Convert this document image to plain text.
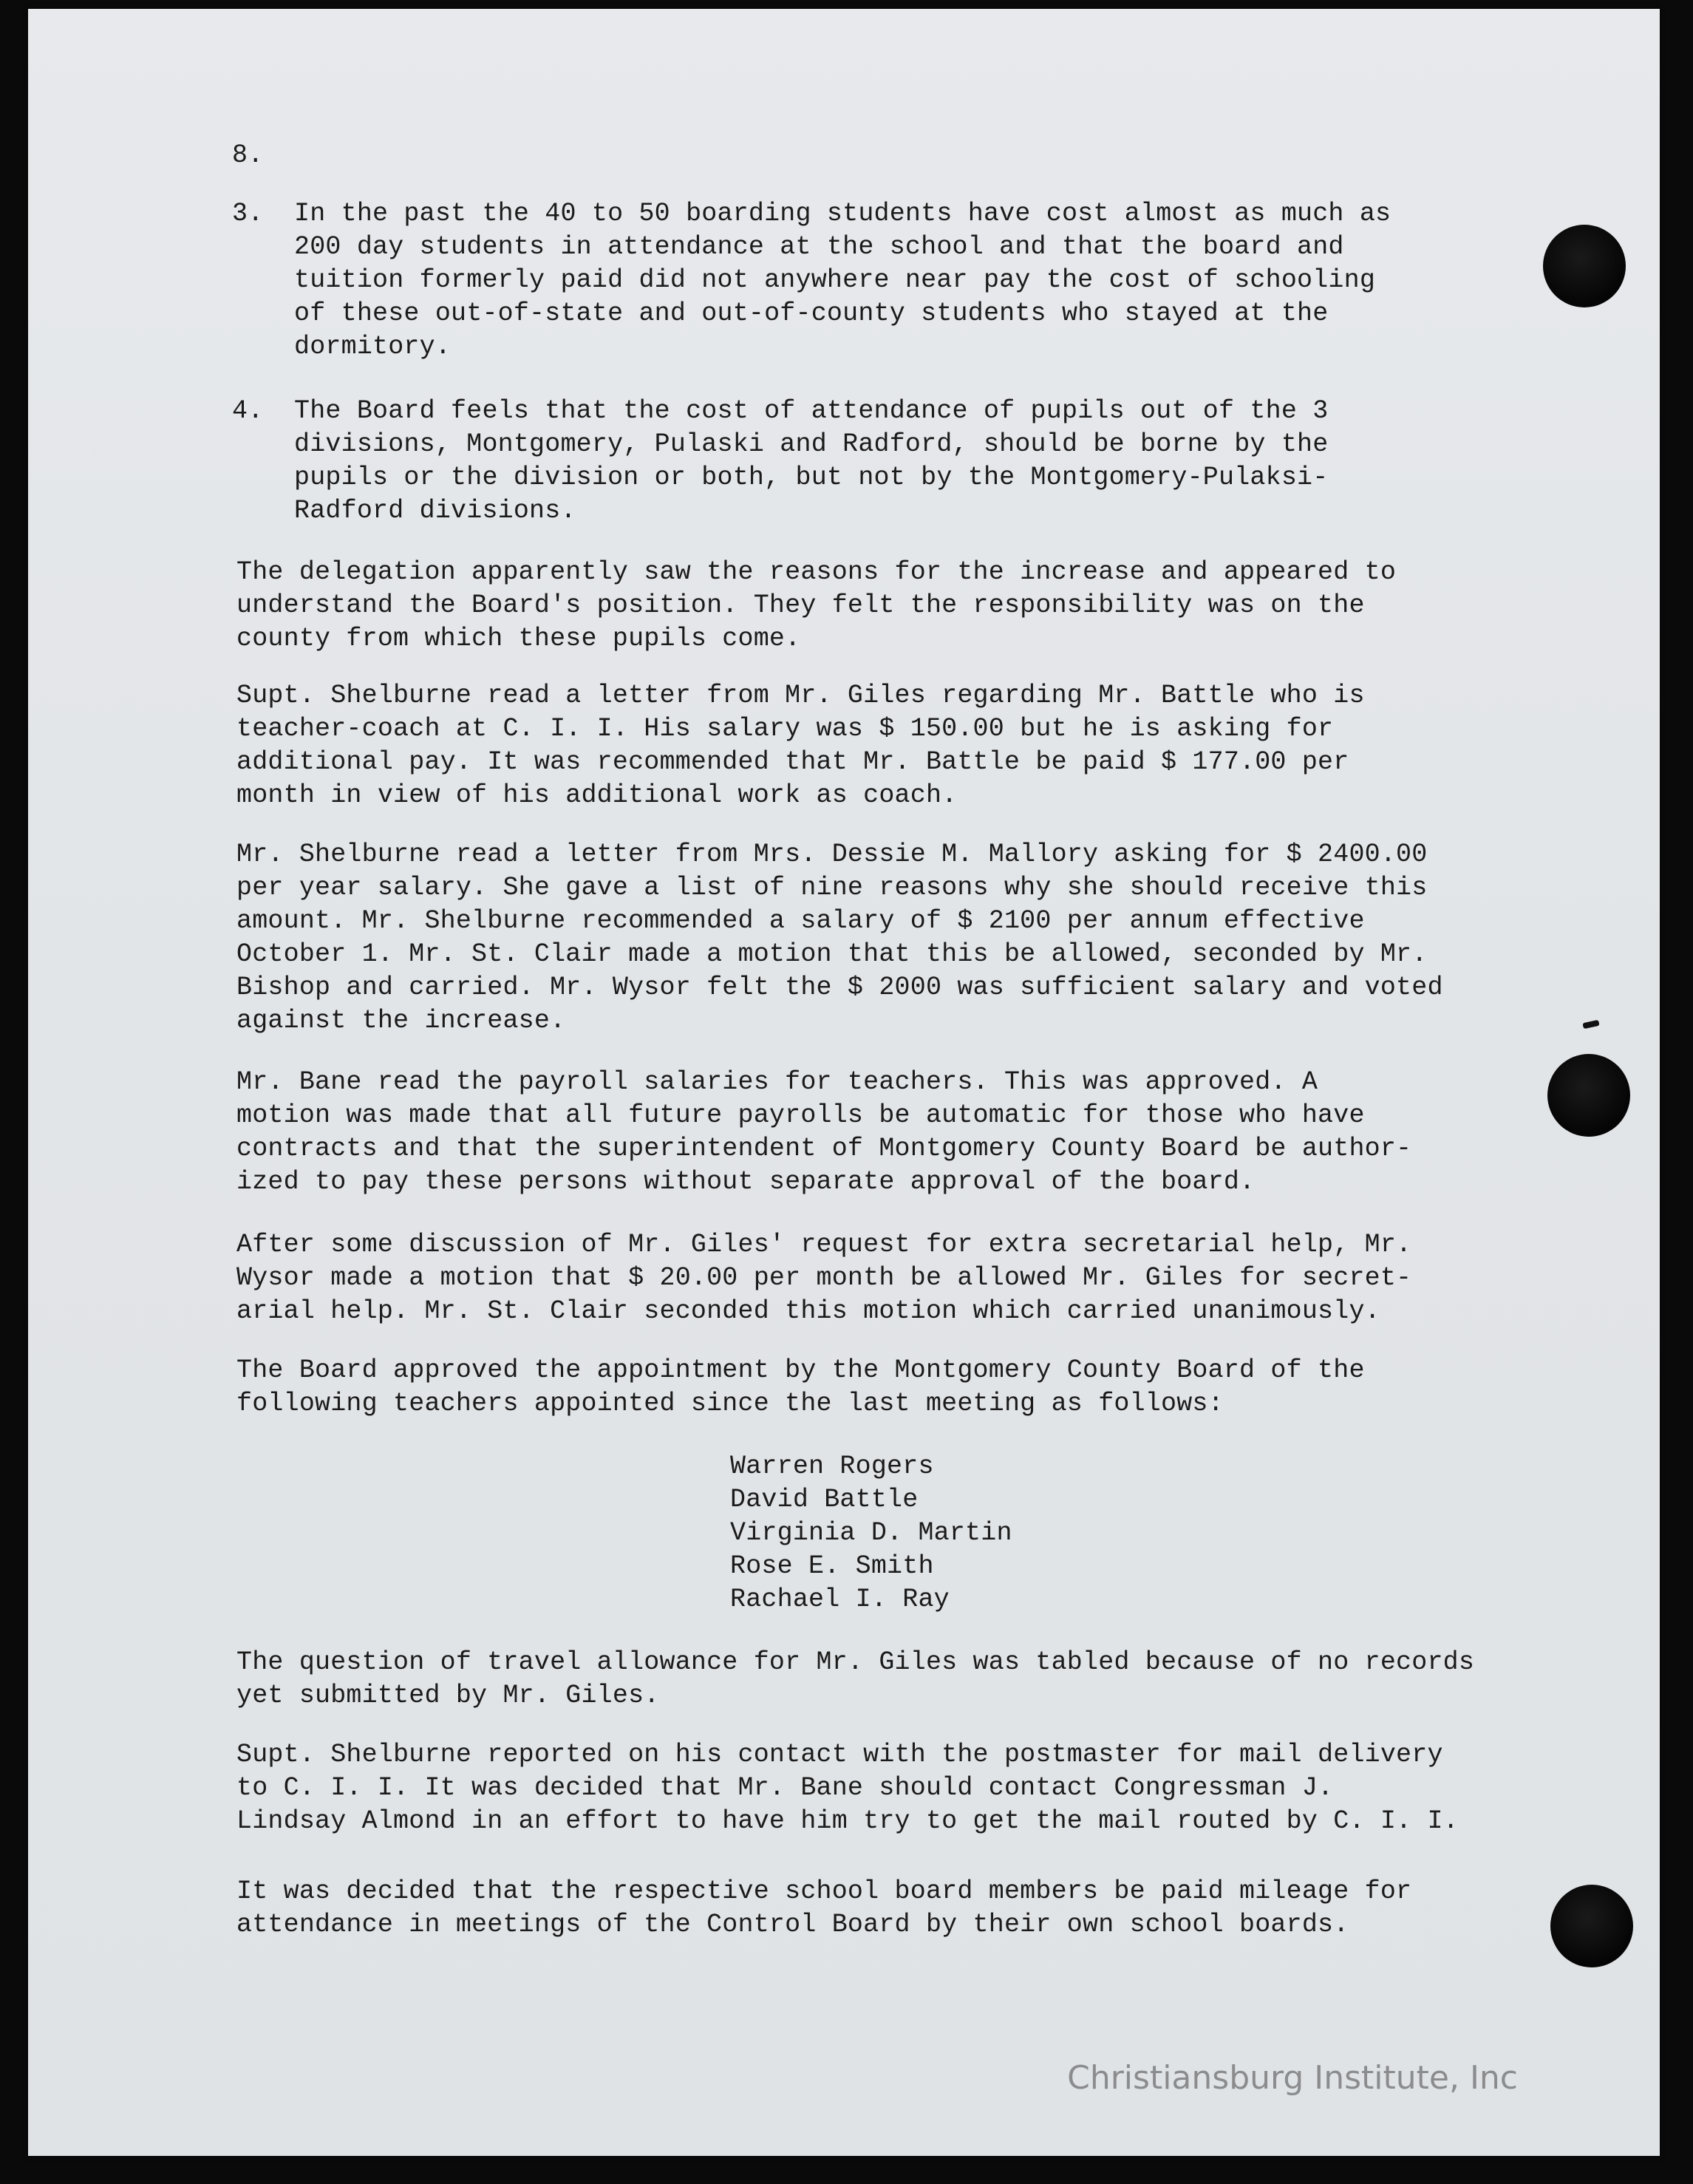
8.
3. In the past the 40 to 50 boarding students have cost almost as much as
200 day students in attendance at the school and that the board and
tuition formerly paid did not anywhere near pay the cost of schooling
of these out-of-state and out-of-county students who stayed at the
dormitory.
4. The Board feels that the cost of attendance of pupils out of the 3
divisions, Montgomery, Pulaski and Radford, should be borne by the
pupils or the division or both, but not by the Montgomery-Pulaksi-
Radford divisions.
The delegation apparently saw the reasons for the increase and appeared to
understand the Board's position. They felt the responsibility was on the
county from which these pupils come.
Supt. Shelburne read a letter from Mr. Giles regarding Mr. Battle who is
teacher-coach at C. I. I. His salary was $ 150.00 but he is asking for
additional pay. It was recommended that Mr. Battle be paid $ 177.00 per
month in view of his additional work as coach.
Mr. Shelburne read a letter from Mrs. Dessie M. Mallory asking for $ 2400.00
per year salary. She gave a list of nine reasons why she should receive this
amount. Mr. Shelburne recommended a salary of $ 2100 per annum effective
October 1. Mr. St. Clair made a motion that this be allowed, seconded by Mr.
Bishop and carried. Mr. Wysor felt the $ 2000 was sufficient salary and voted
against the increase.
Mr. Bane read the payroll salaries for teachers. This was approved. A
motion was made that all future payrolls be automatic for those who have
contracts and that the superintendent of Montgomery County Board be author-
ized to pay these persons without separate approval of the board.
After some discussion of Mr. Giles' request for extra secretarial help, Mr.
Wysor made a motion that $ 20.00 per month be allowed Mr. Giles for secret-
arial help. Mr. St. Clair seconded this motion which carried unanimously.
The Board approved the appointment by the Montgomery County Board of the
following teachers appointed since the last meeting as follows:
Warren Rogers
David Battle
Virginia D. Martin
Rose E. Smith
Rachael I. Ray
The question of travel allowance for Mr. Giles was tabled because of no records
yet submitted by Mr. Giles.
Supt. Shelburne reported on his contact with the postmaster for mail delivery
to C. I. I. It was decided that Mr. Bane should contact Congressman J.
Lindsay Almond in an effort to have him try to get the mail routed by C. I. I.
It was decided that the respective school board members be paid mileage for
attendance in meetings of the Control Board by their own school boards.
Christiansburg Institute, Inc
